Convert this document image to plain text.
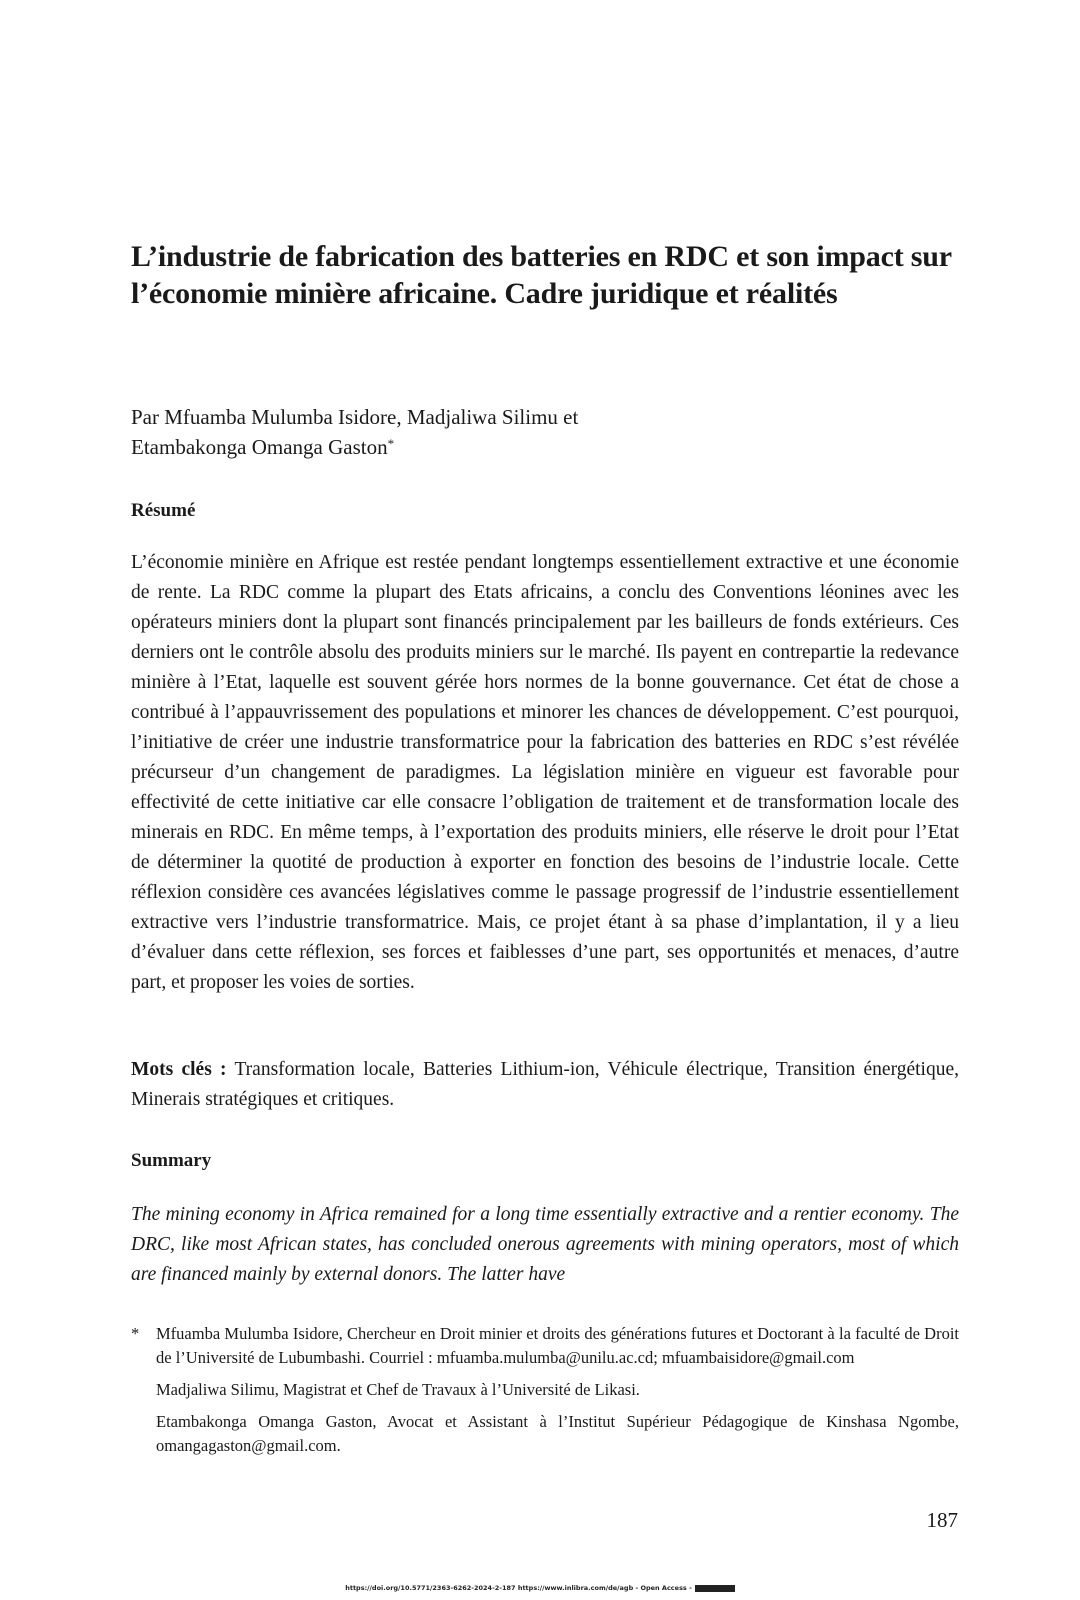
L’industrie de fabrication des batteries en RDC et son impact sur l’économie minière africaine. Cadre juridique et réalités
Par Mfuamba Mulumba Isidore, Madjaliwa Silimu et
Etambakonga Omanga Gaston*
Résumé

L’économie minière en Afrique est restée pendant longtemps essentiellement extractive et une économie de rente. La RDC comme la plupart des Etats africains, a conclu des Conventions léonines avec les opérateurs miniers dont la plupart sont financés principalement par les bailleurs de fonds extérieurs. Ces derniers ont le contrôle absolu des produits miniers sur le marché. Ils payent en contrepartie la redevance minière à l’Etat, laquelle est souvent gérée hors normes de la bonne gouvernance. Cet état de chose a contribué à l’appauvrissement des populations et minorer les chances de développement. C’est pourquoi, l’initiative de créer une industrie transformatrice pour la fabrication des batteries en RDC s’est révélée précurseur d’un changement de paradigmes. La législation minière en vigueur est favorable pour effectivité de cette initiative car elle consacre l’obligation de traitement et de transformation locale des minerais en RDC. En même temps, à l’exportation des produits miniers, elle réserve le droit pour l’Etat de déterminer la quotité de production à exporter en fonction des besoins de l’industrie locale. Cette réflexion considère ces avancées législatives comme le passage progressif de l’industrie essentiellement extractive vers l’industrie transformatrice. Mais, ce projet étant à sa phase d’implantation, il y a lieu d’évaluer dans cette réflexion, ses forces et faiblesses d’une part, ses opportunités et menaces, d’autre part, et proposer les voies de sorties.

Mots clés : Transformation locale, Batteries Lithium-ion, Véhicule électrique, Transition énergétique, Minerais stratégiques et critiques.

Summary

The mining economy in Africa remained for a long time essentially extractive and a rentier economy. The DRC, like most African states, has concluded onerous agreements with mining operators, most of which are financed mainly by external donors. The latter have

* Mfuamba Mulumba Isidore, Chercheur en Droit minier et droits des générations futures et Doctorant à la faculté de Droit de l’Université de Lubumbashi. Courriel : mfuamba.mulumba@unilu.ac.cd; mfuambaisidore@gmail.com

Madjaliwa Silimu, Magistrat et Chef de Travaux à l’Université de Likasi.

Etambakonga Omanga Gaston, Avocat et Assistant à l’Institut Supérieur Pédagogique de Kinshasa Ngombe, omangagaston@gmail.com.

187
https://doi.org/10.5771/2363-6262-2024-2-187 https://www.inlibra.com/de/agb - Open Access -
